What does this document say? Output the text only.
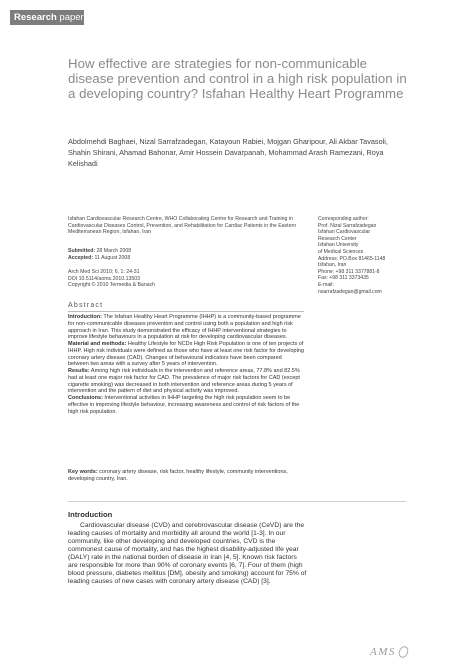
Research paper
How effective are strategies for non-communicable disease prevention and control in a high risk population in a developing country? Isfahan Healthy Heart Programme

Abdolmehdi Baghaei, Nizal Sarrafzadegan, Katayoun Rabiei, Mojgan Gharipour, Ali Akbar Tavasoli, Shahin Shirani, Ahamad Bahonar, Amir Hossein Davarpanah, Mohammad Arash Ramezani, Roya Kelishadi

Isfahan Cardiovascular Research Centre, WHO Collaborating Centre for Research and Training in Cardiovascular Diseases Control, Prevention, and Rehabilitation for Cardiac Patients in the Eastern Mediterranean Region, Isfahan, Iran
Submitted: 28 March 2008
Accepted: 11 August 2008
Arch Med Sci 2010; 6, 1: 24-31
DOI 10.5114/aoms.2010.13503
Copyright © 2010 Termedia & Banach
Corresponding author:
Prof. Nizal Sarrafzadegan
Isfahan Cardiovascular
Research Center
Isfahan University
of Medical Sciences
Address: PO.Box 81465-1148
Isfahan, Iran
Phone: +98 311 3377881-8
Fax: +98 311 3373435
E-mail:
nsarrafzadegan@gmail.com
Abstract

Introduction: The Isfahan Healthy Heart Programme (IHHP) is a community-based programme for non-communicable diseases prevention and control using both a population and high risk approach in Iran. This study demonstrated the efficacy of IHHP interventional strategies to improve lifestyle behaviours in a population at risk for developing cardiovascular diseases.

Material and methods: Healthy Lifestyle for NCDs High Risk Population is one of ten projects of IHHP. High risk individuals were defined as those who have at least one risk factor for developing coronary artery disease (CAD). Changes of behavioural indicators have been compared between two areas with a survey after 5 years of intervention.

Results: Among high risk individuals in the intervention and reference areas, 77.8% and 82.5% had at least one major risk factor for CAD. The prevalence of major risk factors for CAD (except cigarette smoking) was decreased in both intervention and reference areas during 5 years of intervention and the pattern of diet and physical activity was improved.

Conclusions: Interventional activities in IHHP targeting the high risk population seem to be effective in improving lifestyle behaviour, increasing awareness and control of risk factors of the high risk population.

Key words: coronary artery disease, risk factor, healthy lifestyle, community interventions, developing country, Iran.

Introduction

Cardiovascular disease (CVD) and cerebrovascular disease (CeVD) are the leading causes of mortality and morbidity all around the world [1-3]. In our community, like other developing and developed countries, CVD is the commonest cause of mortality, and has the highest disability-adjusted life year (DALY) rate in the national burden of disease in Iran [4, 5]. Known risk factors are responsible for more than 90% of coronary events [6, 7]. Four of them (high blood pressure, diabetes mellitus [DM], obesity and smoking) account for 75% of leading causes of new cases with coronary artery disease (CAD) [3].

AMS
